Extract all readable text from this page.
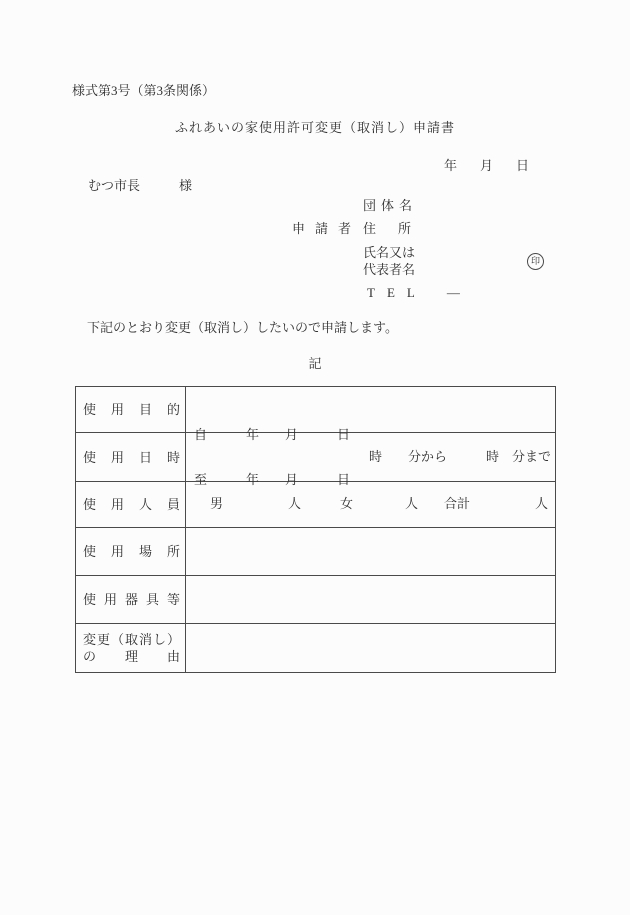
様式第3号（第3条関係）
ふれあいの家使用許可変更（取消し）申請書
年 月 日
むつ市長	様
団体名
申請者 住所
氏名又は
代表者名
印
TEL ―
下記のとおり変更（取消し）したいので申請します。
記
使用目的
使用日時

自　　　年　　月　　　日

至　　　年　　月　　　日

時　　分から　　　時　分まで
使用人員 男　　　　　人　　　女　　　　人　　合計　　　　　人
使用場所
使用器具等
変更（取消し）
の理由
